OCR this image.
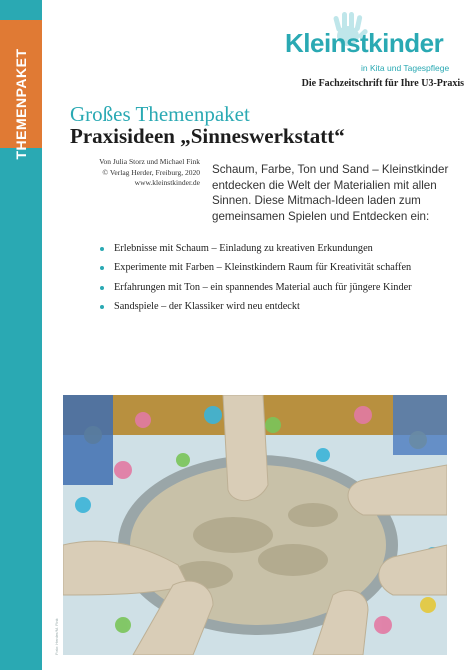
THEMENPAKET
Kleinstkinder
in Kita und Tagespflege
Die Fachzeitschrift für Ihre U3-Praxis
Großes Themenpaket
Praxisideen „Sinneswerkstatt“
Von Julia Storz und Michael Fink
© Verlag Herder, Freiburg, 2020
www.kleinstkinder.de
Schaum, Farbe, Ton und Sand – Kleinstkinder entdecken die Welt der Materialien mit allen Sinnen. Diese Mitmach-Ideen laden zum gemeinsamen Spielen und Entdecken ein:
Erlebnisse mit Schaum – Einladung zu kreativen Erkundungen
Experimente mit Farben – Kleinstkindern Raum für Kreativität schaffen
Erfahrungen mit Ton – ein spannendes Material auch für jüngere Kinder
Sandspiele – der Klassiker wird neu entdeckt
Foto: Herder/M. Fink
